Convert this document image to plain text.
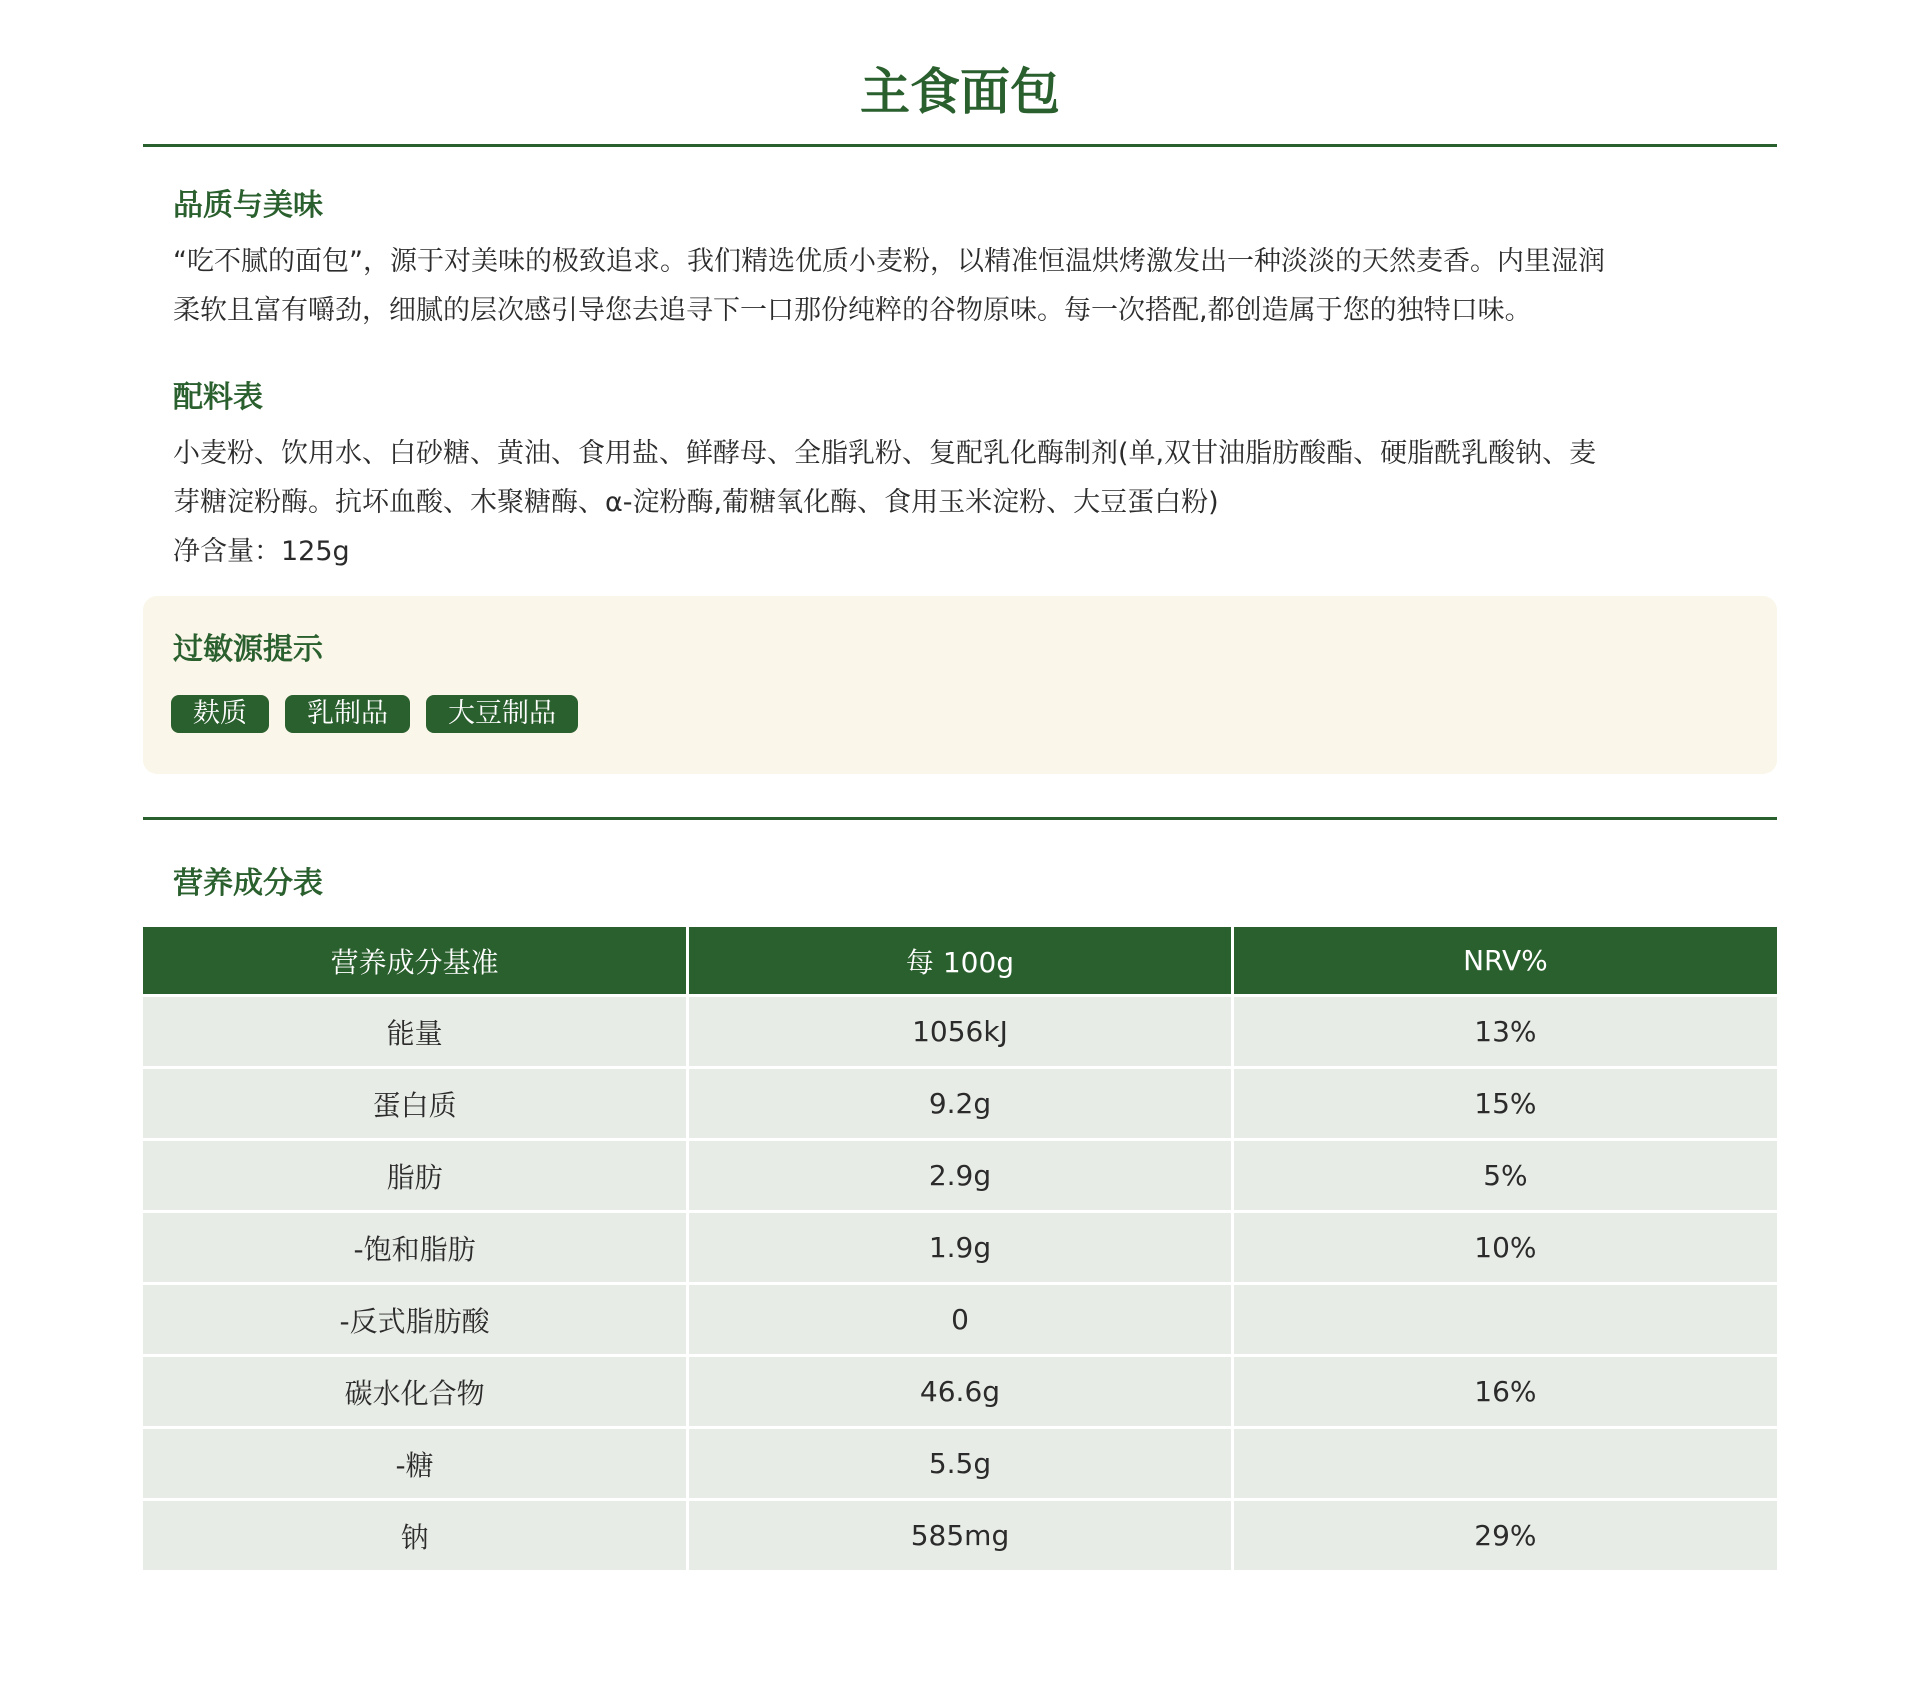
主食面包
品质与美味
“吃不腻的面包”，源于对美味的极致追求。我们精选优质小麦粉，以精准恒温烘烤激发出一种淡淡的天然麦香。内里湿润
柔软且富有嚼劲，细腻的层次感引导您去追寻下一口那份纯粹的谷物原味。每一次搭配,都创造属于您的独特口味。
配料表
小麦粉、饮用水、白砂糖、黄油、食用盐、鲜酵母、全脂乳粉、复配乳化酶制剂(单,双甘油脂肪酸酯、硬脂酰乳酸钠、麦
芽糖淀粉酶。抗坏血酸、木聚糖酶、α-淀粉酶,葡糖氧化酶、食用玉米淀粉、大豆蛋白粉)
净含量：125g
过敏源提示
麸质	乳制品	大豆制品
营养成分表
营养成分基准	每 100g	NRV%
能量	1056kJ	13%
蛋白质	9.2g	15%
脂肪	2.9g	5%
-饱和脂肪	1.9g	10%
-反式脂肪酸	0	
碳水化合物	46.6g	16%
-糖	5.5g	
钠	585mg	29%
